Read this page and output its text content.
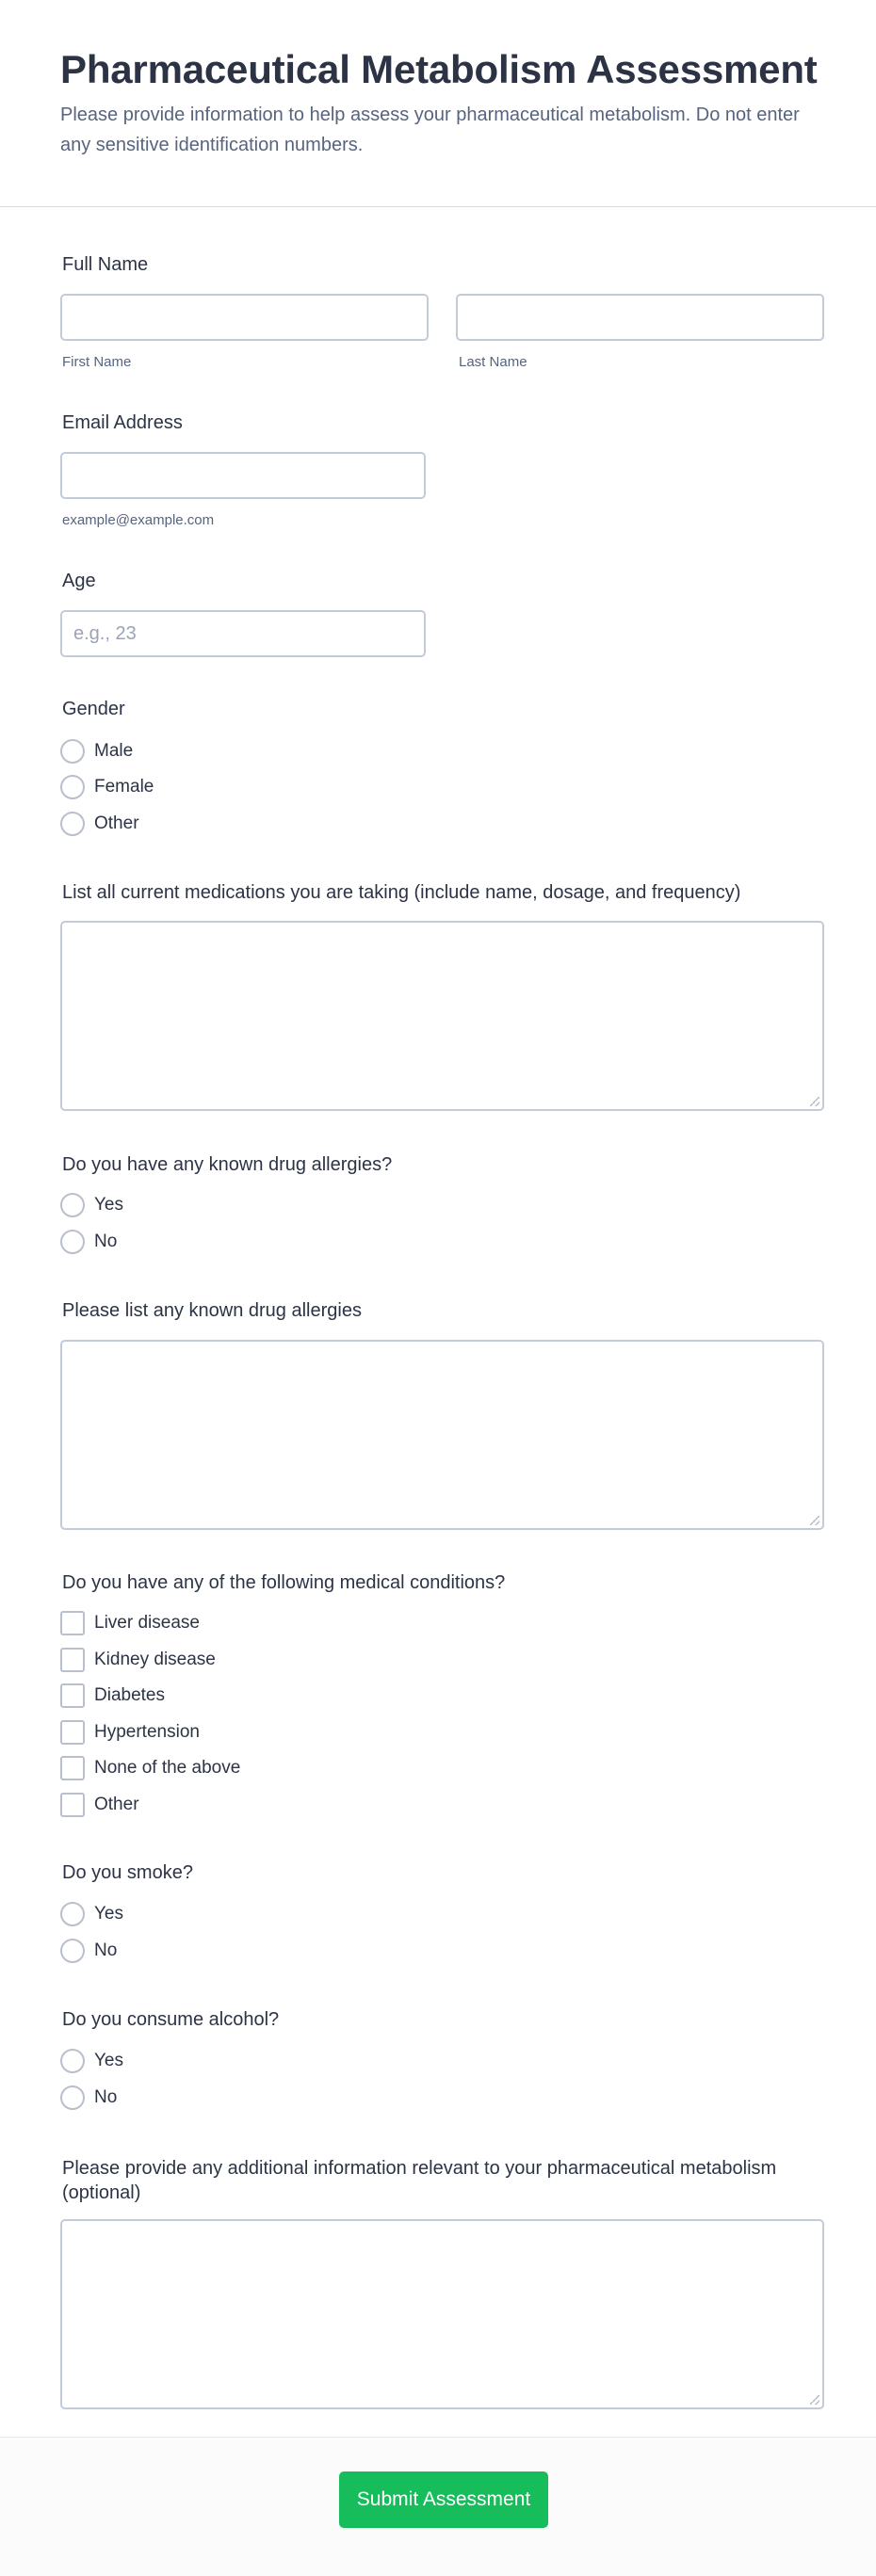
Pharmaceutical Metabolism Assessment

Please provide information to help assess your pharmaceutical metabolism. Do not enter any sensitive identification numbers.

Full Name
First Name	Last Name
Email Address
example@example.com
Age
e.g., 23
Gender
Male
Female
Other
List all current medications you are taking (include name, dosage, and frequency)
Do you have any known drug allergies?
Yes
No
Please list any known drug allergies
Do you have any of the following medical conditions?
Liver disease
Kidney disease
Diabetes
Hypertension
None of the above
Other
Do you smoke?
Yes
No
Do you consume alcohol?
Yes
No
Please provide any additional information relevant to your pharmaceutical metabolism (optional)
Submit Assessment
